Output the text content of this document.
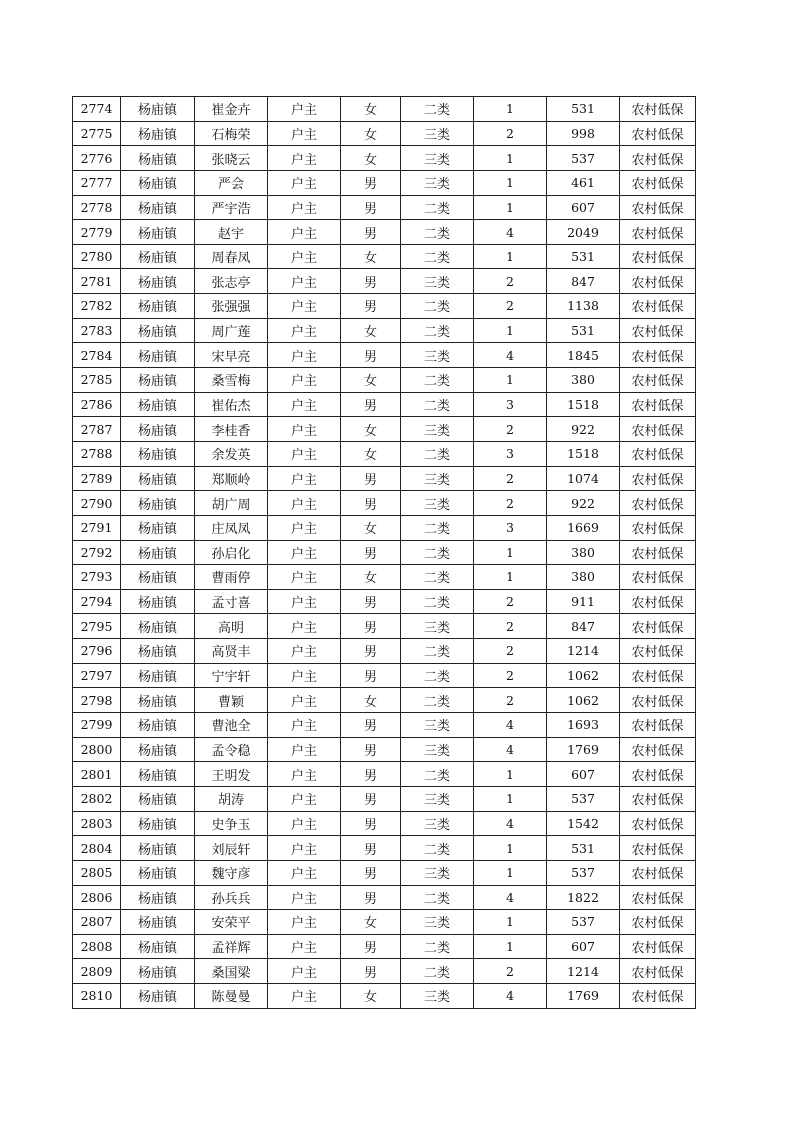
2774	杨庙镇	崔金卉	户主	女	二类	1	531	农村低保
2775	杨庙镇	石梅荣	户主	女	三类	2	998	农村低保
2776	杨庙镇	张晓云	户主	女	三类	1	537	农村低保
2777	杨庙镇	严会	户主	男	三类	1	461	农村低保
2778	杨庙镇	严宇浩	户主	男	二类	1	607	农村低保
2779	杨庙镇	赵宇	户主	男	二类	4	2049	农村低保
2780	杨庙镇	周春凤	户主	女	二类	1	531	农村低保
2781	杨庙镇	张志亭	户主	男	三类	2	847	农村低保
2782	杨庙镇	张强强	户主	男	二类	2	1138	农村低保
2783	杨庙镇	周广莲	户主	女	二类	1	531	农村低保
2784	杨庙镇	宋早亮	户主	男	三类	4	1845	农村低保
2785	杨庙镇	桑雪梅	户主	女	二类	1	380	农村低保
2786	杨庙镇	崔佑杰	户主	男	二类	3	1518	农村低保
2787	杨庙镇	李桂香	户主	女	三类	2	922	农村低保
2788	杨庙镇	余发英	户主	女	二类	3	1518	农村低保
2789	杨庙镇	郑顺岭	户主	男	三类	2	1074	农村低保
2790	杨庙镇	胡广周	户主	男	三类	2	922	农村低保
2791	杨庙镇	庄凤凤	户主	女	二类	3	1669	农村低保
2792	杨庙镇	孙启化	户主	男	二类	1	380	农村低保
2793	杨庙镇	曹雨停	户主	女	二类	1	380	农村低保
2794	杨庙镇	孟寸喜	户主	男	二类	2	911	农村低保
2795	杨庙镇	高明	户主	男	三类	2	847	农村低保
2796	杨庙镇	高贤丰	户主	男	二类	2	1214	农村低保
2797	杨庙镇	宁宇轩	户主	男	二类	2	1062	农村低保
2798	杨庙镇	曹颖	户主	女	二类	2	1062	农村低保
2799	杨庙镇	曹池全	户主	男	三类	4	1693	农村低保
2800	杨庙镇	孟令稳	户主	男	三类	4	1769	农村低保
2801	杨庙镇	王明发	户主	男	二类	1	607	农村低保
2802	杨庙镇	胡涛	户主	男	三类	1	537	农村低保
2803	杨庙镇	史争玉	户主	男	三类	4	1542	农村低保
2804	杨庙镇	刘辰轩	户主	男	二类	1	531	农村低保
2805	杨庙镇	魏守彦	户主	男	三类	1	537	农村低保
2806	杨庙镇	孙兵兵	户主	男	二类	4	1822	农村低保
2807	杨庙镇	安荣平	户主	女	三类	1	537	农村低保
2808	杨庙镇	孟祥辉	户主	男	二类	1	607	农村低保
2809	杨庙镇	桑国梁	户主	男	二类	2	1214	农村低保
2810	杨庙镇	陈曼曼	户主	女	三类	4	1769	农村低保
